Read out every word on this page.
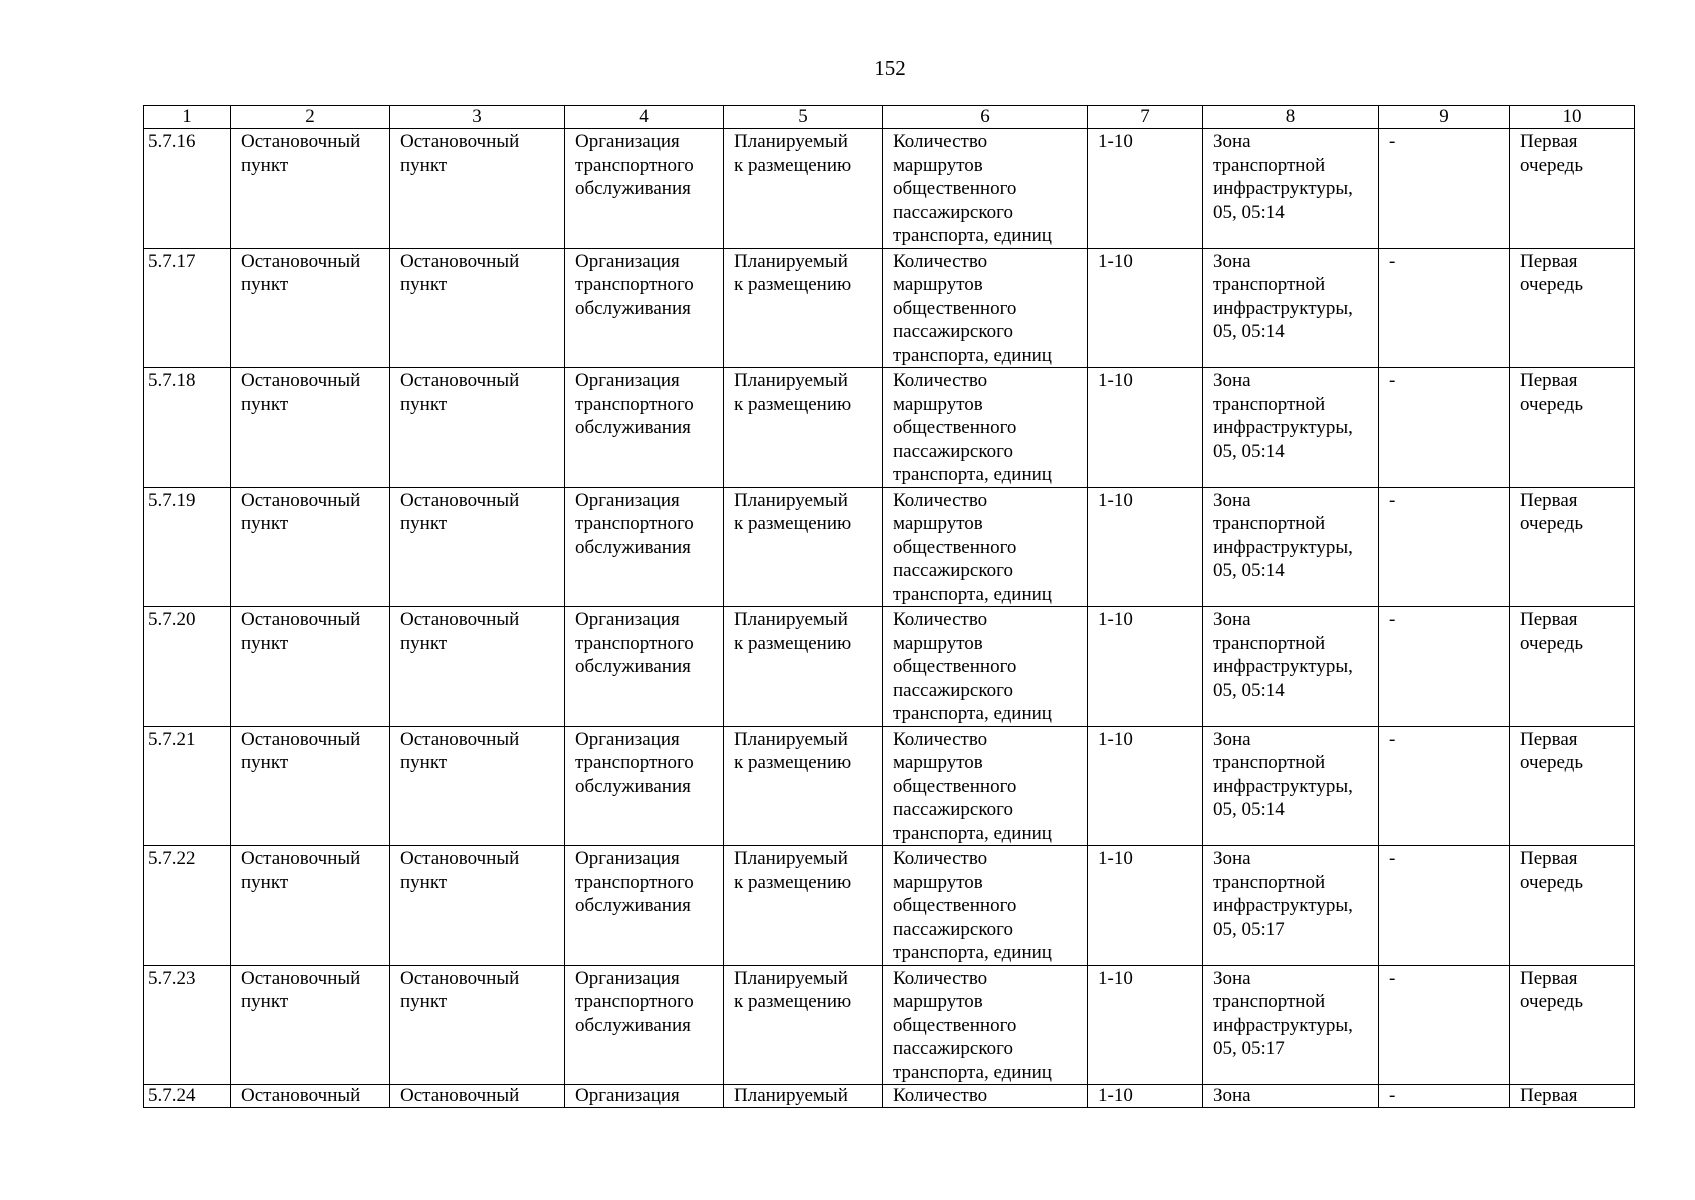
152
1	2	3	4	5	6	7	8	9	10
5.7.16	Остановочный
пункт	Остановочный
пункт	Организация
транспортного
обслуживания	Планируемый
к размещению	Количество
маршрутов
общественного
пассажирского
транспорта, единиц	1-10	Зона
транспортной
инфраструктуры,
05, 05:14	-	Первая
очередь

5.7.17	Остановочный
пункт	Остановочный
пункт	Организация
транспортного
обслуживания	Планируемый
к размещению	Количество
маршрутов
общественного
пассажирского
транспорта, единиц	1-10	Зона
транспортной
инфраструктуры,
05, 05:14	-	Первая
очередь

5.7.18	Остановочный
пункт	Остановочный
пункт	Организация
транспортного
обслуживания	Планируемый
к размещению	Количество
маршрутов
общественного
пассажирского
транспорта, единиц	1-10	Зона
транспортной
инфраструктуры,
05, 05:14	-	Первая
очередь

5.7.19	Остановочный
пункт	Остановочный
пункт	Организация
транспортного
обслуживания	Планируемый
к размещению	Количество
маршрутов
общественного
пассажирского
транспорта, единиц	1-10	Зона
транспортной
инфраструктуры,
05, 05:14	-	Первая
очередь

5.7.20	Остановочный
пункт	Остановочный
пункт	Организация
транспортного
обслуживания	Планируемый
к размещению	Количество
маршрутов
общественного
пассажирского
транспорта, единиц	1-10	Зона
транспортной
инфраструктуры,
05, 05:14	-	Первая
очередь

5.7.21	Остановочный
пункт	Остановочный
пункт	Организация
транспортного
обслуживания	Планируемый
к размещению	Количество
маршрутов
общественного
пассажирского
транспорта, единиц	1-10	Зона
транспортной
инфраструктуры,
05, 05:14	-	Первая
очередь

5.7.22	Остановочный
пункт	Остановочный
пункт	Организация
транспортного
обслуживания	Планируемый
к размещению	Количество
маршрутов
общественного
пассажирского
транспорта, единиц	1-10	Зона
транспортной
инфраструктуры,
05, 05:17	-	Первая
очередь

5.7.23	Остановочный
пункт	Остановочный
пункт	Организация
транспортного
обслуживания	Планируемый
к размещению	Количество
маршрутов
общественного
пассажирского
транспорта, единиц	1-10	Зона
транспортной
инфраструктуры,
05, 05:17	-	Первая
очередь

5.7.24	Остановочный	Остановочный	Организация	Планируемый	Количество	1-10	Зона	-	Первая
